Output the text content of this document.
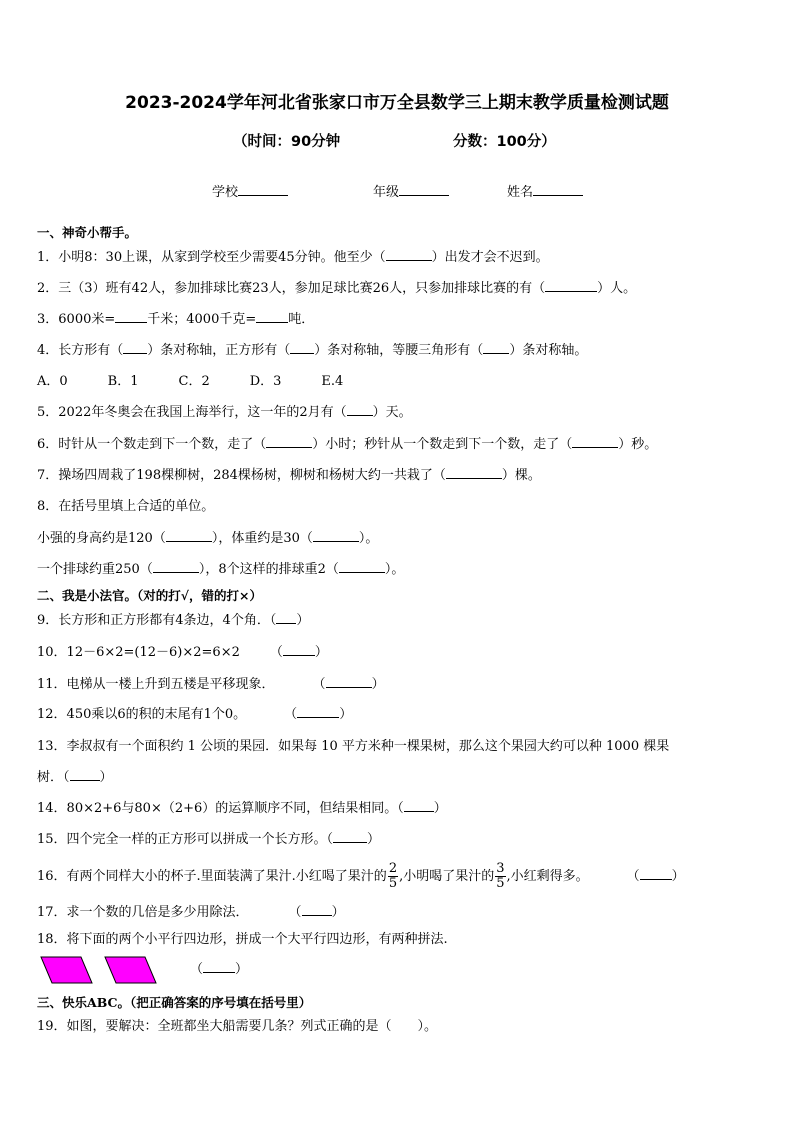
2023-2024学年河北省张家口市万全县数学三上期末教学质量检测试题
（时间：90分钟	分数：100分）
学校	年级	姓名
一、神奇小帮手。
1．小明8：30上课，从家到学校至少需要45分钟。他至少（	）出发才会不迟到。
2．三（3）班有42人，参加排球比赛23人，参加足球比赛26人，只参加排球比赛的有（	）人。
3．6000米= 千米；4000千克= 吨．
4．长方形有（ ）条对称轴，正方形有（ ）条对称轴，等腰三角形有（ ）条对称轴。
A．0	B．1	C．2	D．3	E.4
5．2022年冬奥会在我国上海举行，这一年的2月有（ ）天。
6．时针从一个数走到下一个数，走了（	）小时；秒针从一个数走到下一个数，走了（	）秒。
7．操场四周栽了198棵柳树，284棵杨树，柳树和杨树大约一共栽了（	）棵。
8．在括号里填上合适的单位。
小强的身高约是120（	），体重约是30（	）。
一个排球约重250（	），8个这样的排球重2（	）。
二、我是小法官。（对的打√，错的打×）
9．长方形和正方形都有4条边，4个角．（ ）
10．12－6×2=(12－6)×2=6×2 （ ）
11．电梯从一楼上升到五楼是平移现象．	（	）
12．450乘以6的积的末尾有1个0。	（	）
13．李叔叔有一个面积约 1 公顷的果园．如果每 10 平方米种一棵果树，那么这个果园大约可以种 1000 棵果
树．（ ）
14．80×2+6与80×（2+6）的运算顺序不同，但结果相同。（ ）
15．四个完全一样的正方形可以拼成一个长方形。（	）
16．有两个同样大小的杯子.里面装满了果汁.小红喝了果汁的 $\frac{2}{5}$ ,小明喝了果汁的 $\frac{3}{5}$ ,小红剩得多。	（ ）
17．求一个数的几倍是多少用除法．	（ ）
18．将下面的两个小平行四边形，拼成一个大平行四边形，有两种拼法.
（ ）
三、快乐ABC。（把正确答案的序号填在括号里）
19．如图，要解决：全班都坐大船需要几条？列式正确的是（　　）。
